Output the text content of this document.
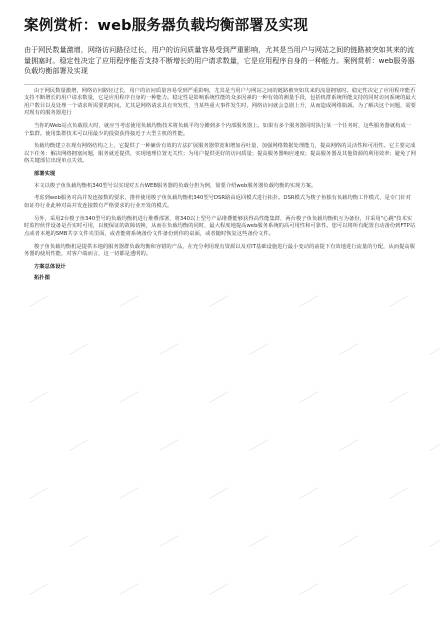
案例赏析：web服务器负载均衡部署及实现
由于网民数量激增，网络访问路径过长，用户的访问质量容易受到严重影响，尤其是当用户与网站之间的链路被突如其来的流量拥塞时。稳定性决定了应用程序能否支持不断增长的用户请求数量，它是应用程序自身的一种能力。案例赏析：web服务器负载均衡部署及实现

由于网民数量激增，网络访问路径过长，用户的访问质量容易受到严重影响，尤其是当用户与网站之间的链路被突如其来的流量拥塞时。稳定性决定了应用程序能否支持不断增长的用户请求数量，它是应用程序自身的一种能力。稳定性是影响系统性能的众多因素的一种有效的测量手段，包括机群系统所能支持的同时访问系统的最大用户数目以及处理一个请求所需要的时间。尤其是网络请求具有突发性，当某些重大事件发生时，网络访问就会急剧上升，从而造成网络瓶颈。为了解决这个问题，需要对现有的服务器进行

当你的Web站点负载很大时，就应当考虑使用负载均衡技术将负载平均分摊到多个内部服务器上。如果有多个服务器同时执行某一个任务时，这些服务器就构成一个集群。使用集群技术可以用最少的投资获得接近于大型主机的性能。

负载均衡建立在现有网络结构之上，它提供了一种廉价有效的方法扩展服务器带宽和增加吞吐量，加强网络数据处理能力，提高网络的灵活性和可用性。它主要完成以下任务：解决网络拥塞问题，服务就近提供，实现地理位置无关性；为用户提供更好的访问质量；提高服务器响应速度；提高服务器及其他资源的利用效率；避免了网络关键部位出现单点失效。

部署实现

本文以梭子鱼负载均衡机340型号以实现对五台WEB服务器的负载分担为例，简要介绍web服务器负载均衡的实现方案。

考虑到web服务对高并发连接数的要求，推荐使用梭子鱼负载均衡机340型号DSR路由返回模式进行拓扑。DSR模式为梭子鱼独有负载均衡工作模式，是专门针对如证券行业此种对高并发连接数有严格要求的行业开发的模式。

另外，采用2台梭子鱼340型号的负载均衡机进行堆叠部署，将340以上型号产品堆叠能够获得高性能集群，两台梭子鱼负载均衡机互为备份，并采用"心跳"技术实时监控伙伴设备是否实时可用，以便保证的故障切换，从而在负载均衡的同时，最大程度地提高web服务系统的高可用性和可靠性。您可以将所有配置自动备份到FTP站点或者本地的SMB共享文件夹里面，或者能将系统备份文件备份到你的桌面，或者随时恢复这些备份文件。

梭子鱼负载均衡机是提供本地的服务器群负载均衡和容错的产品，在充分利用现有资源以及对IT基础设施进行最小变动的前提下有效地进行流量的分配，从而提高服务器的使用性能，对客户端而言，这一切都是透明的。

方案总体设计

拓扑图
